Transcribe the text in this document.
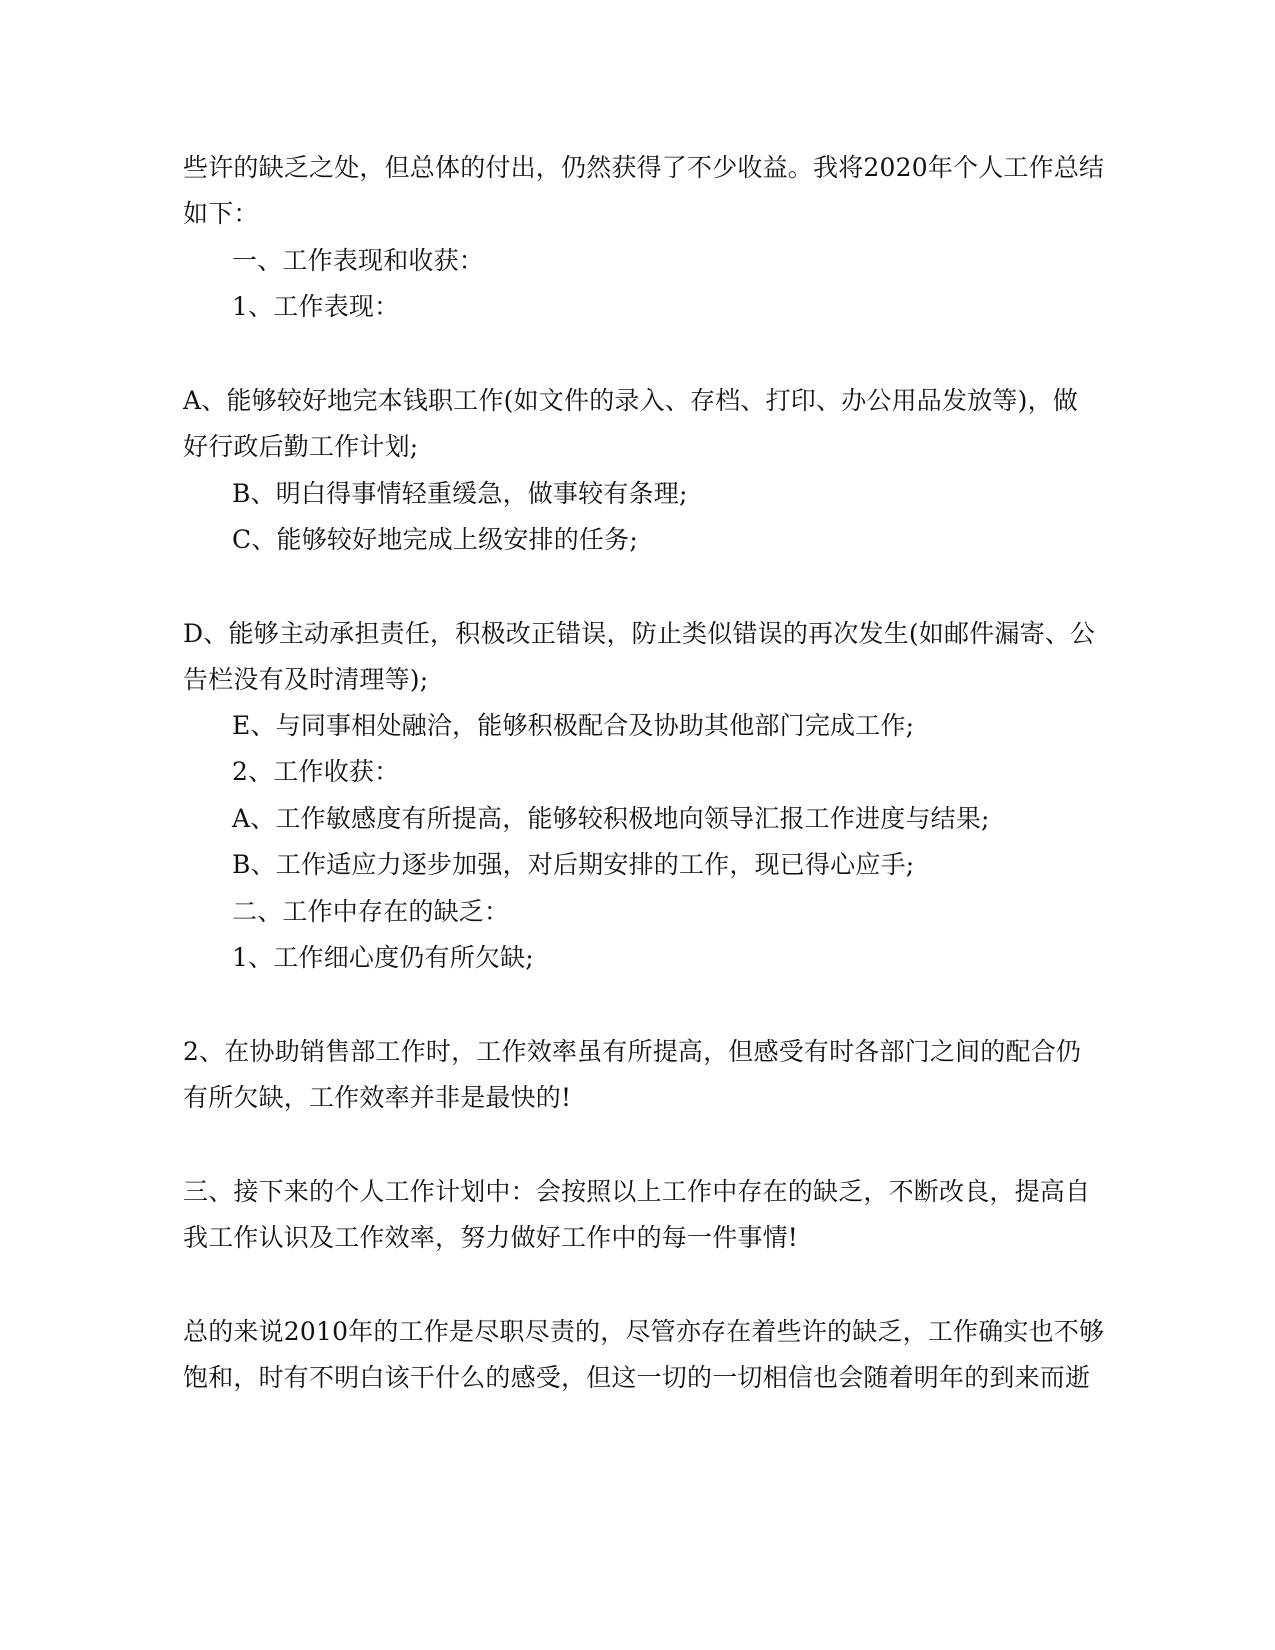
些许的缺乏之处，但总体的付出，仍然获得了不少收益。我将2020年个人工作总结
如下：
一、工作表现和收获：
1、工作表现：
A、能够较好地完本钱职工作(如文件的录入、存档、打印、办公用品发放等)，做
好行政后勤工作计划;
B、明白得事情轻重缓急，做事较有条理;
C、能够较好地完成上级安排的任务;
D、能够主动承担责任，积极改正错误，防止类似错误的再次发生(如邮件漏寄、公
告栏没有及时清理等);
E、与同事相处融洽，能够积极配合及协助其他部门完成工作;
2、工作收获：
A、工作敏感度有所提高，能够较积极地向领导汇报工作进度与结果;
B、工作适应力逐步加强，对后期安排的工作，现已得心应手;
二、工作中存在的缺乏：
1、工作细心度仍有所欠缺;
2、在协助销售部工作时，工作效率虽有所提高，但感受有时各部门之间的配合仍
有所欠缺，工作效率并非是最快的!
三、接下来的个人工作计划中：会按照以上工作中存在的缺乏，不断改良，提高自
我工作认识及工作效率，努力做好工作中的每一件事情!
总的来说2010年的工作是尽职尽责的，尽管亦存在着些许的缺乏，工作确实也不够
饱和，时有不明白该干什么的感受，但这一切的一切相信也会随着明年的到来而逝
